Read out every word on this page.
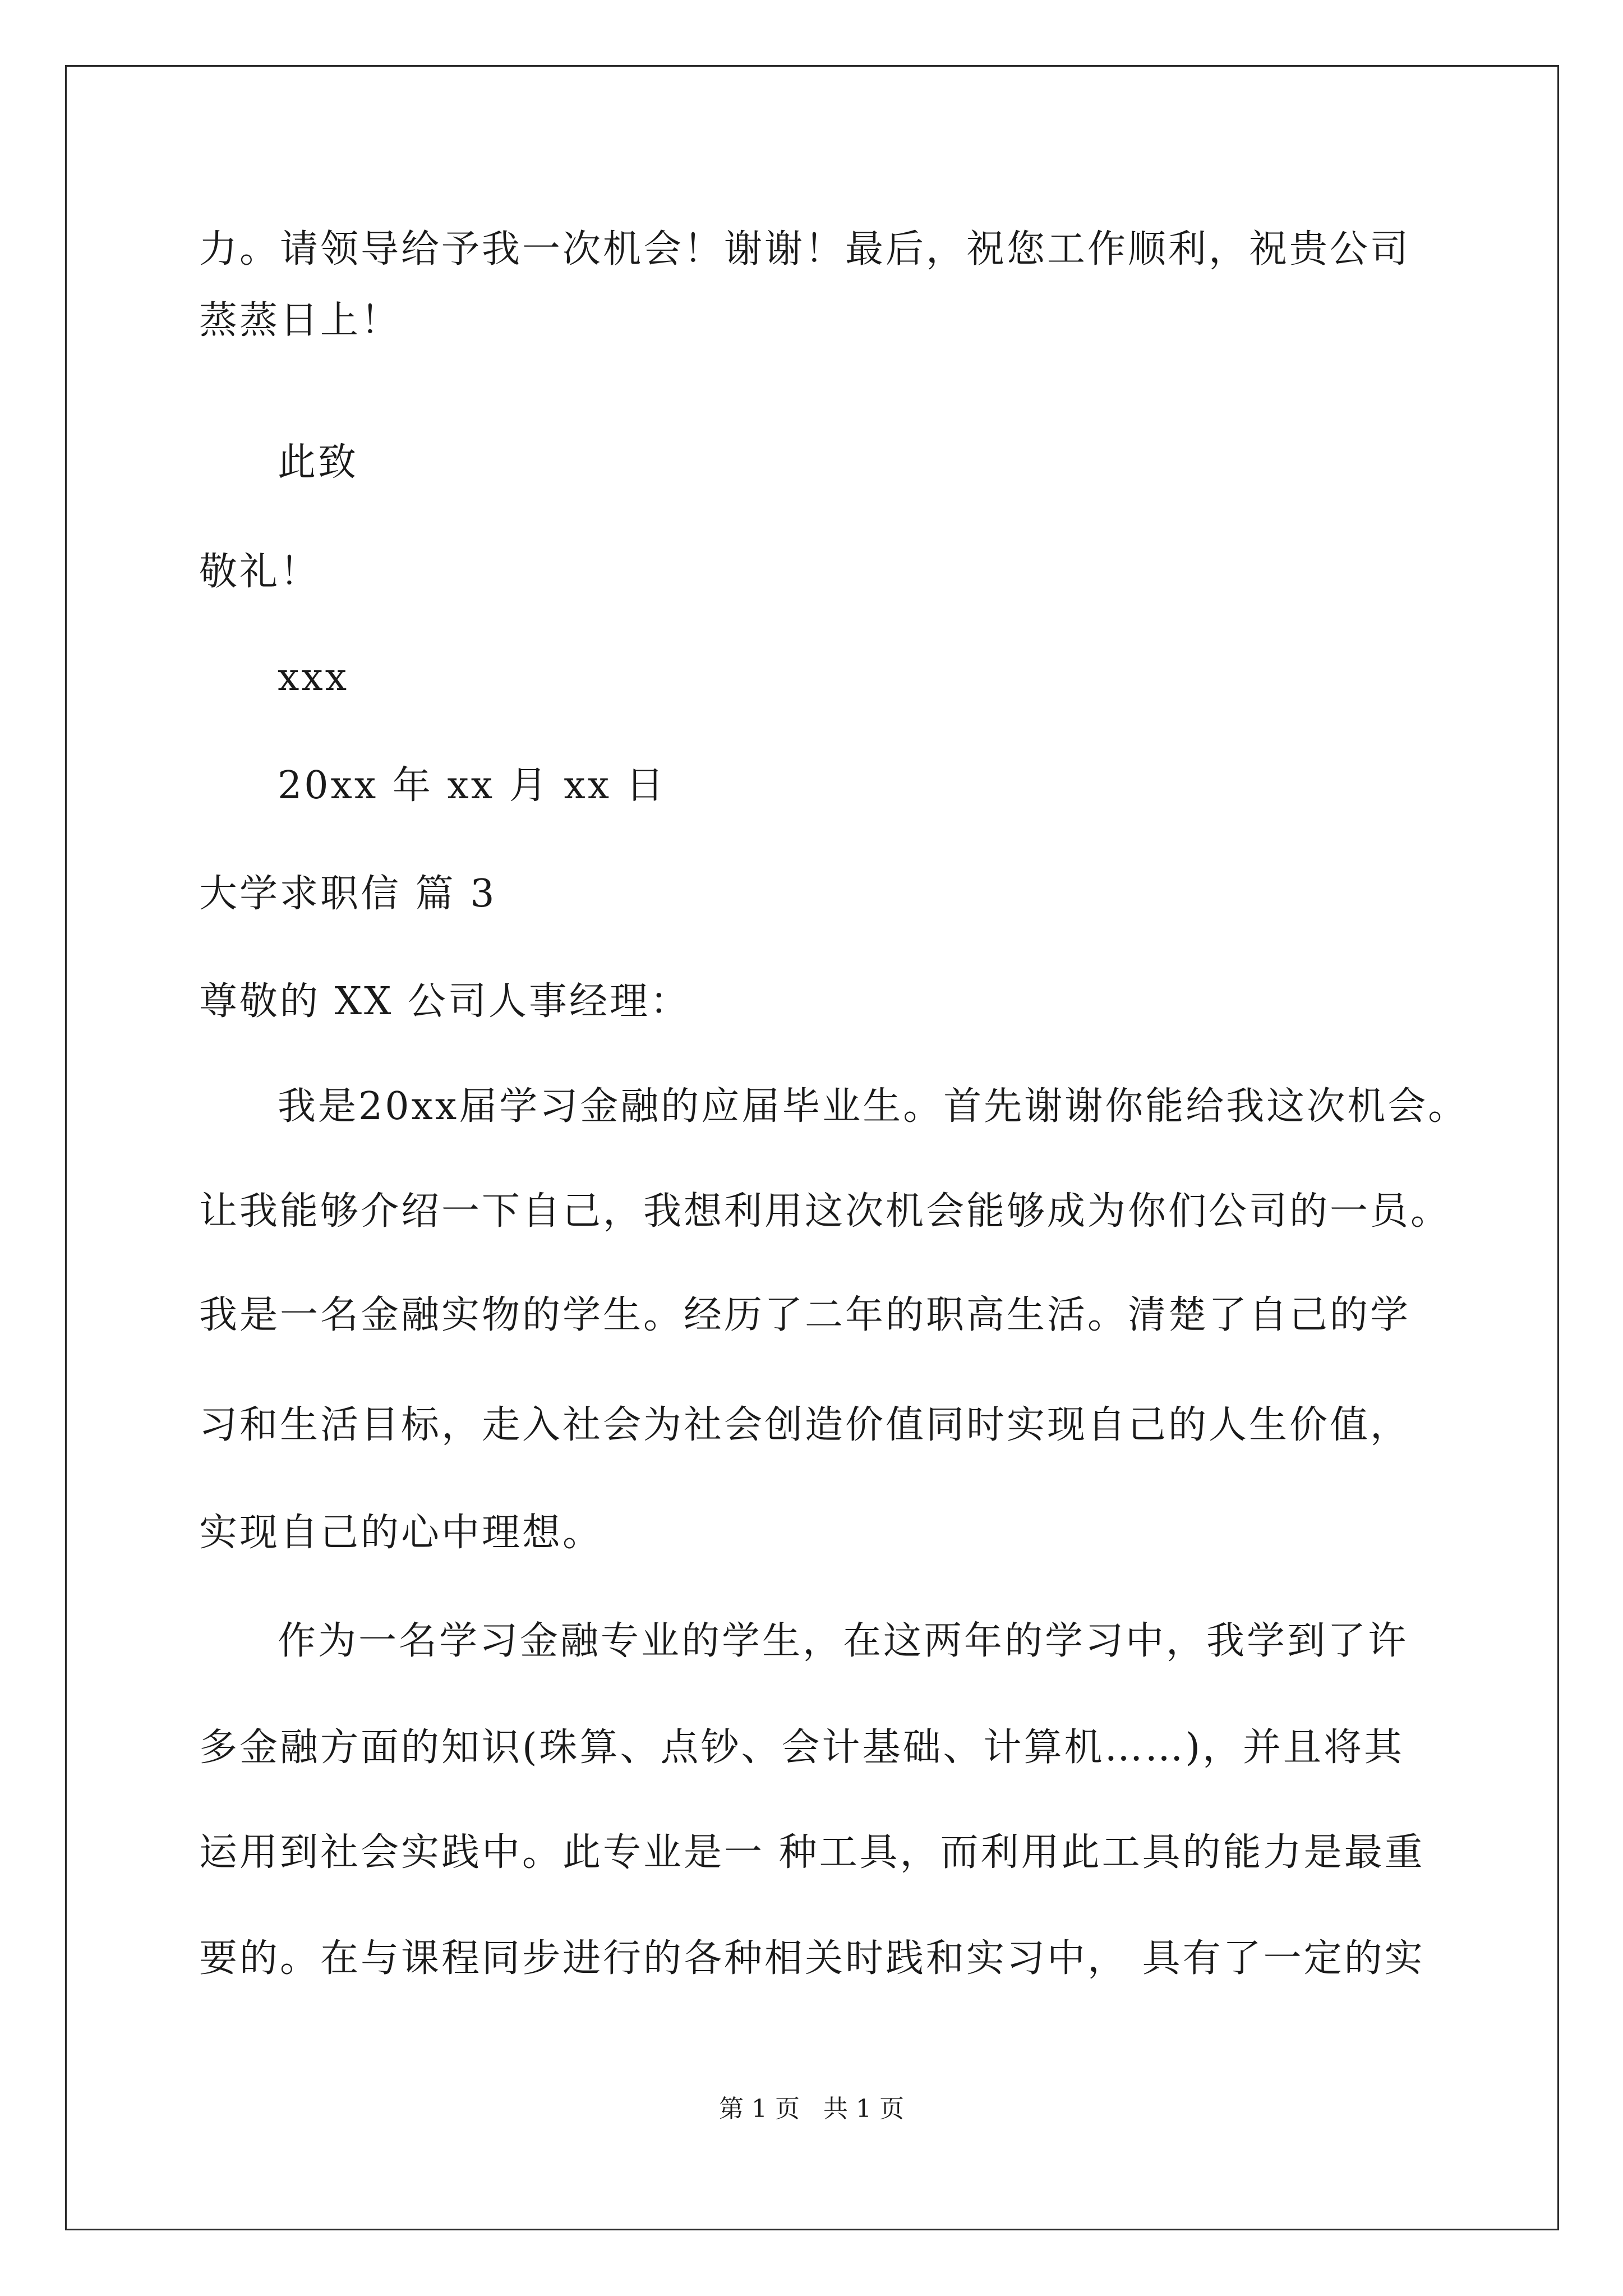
力。请领导给予我一次机会！谢谢！最后，祝您工作顺利，祝贵公司
蒸蒸日上！
此致
敬礼！
xxx
20xx 年 xx 月 xx 日
大学求职信 篇 3
尊敬的 XX 公司人事经理：
我是20xx届学习金融的应届毕业生。首先谢谢你能给我这次机会。
让我能够介绍一下自己，我想利用这次机会能够成为你们公司的一员。
我是一名金融实物的学生。经历了二年的职高生活。清楚了自己的学
习和生活目标，走入社会为社会创造价值同时实现自己的人生价值，
实现自己的心中理想。
作为一名学习金融专业的学生，在这两年的学习中，我学到了许
多金融方面的知识(珠算、点钞、会计基础、计算机……)，并且将其
运用到社会实践中。此专业是一 种工具，而利用此工具的能力是最重
要的。在与课程同步进行的各种相关时践和实习中， 具有了一定的实
第 1 页   共 1 页
